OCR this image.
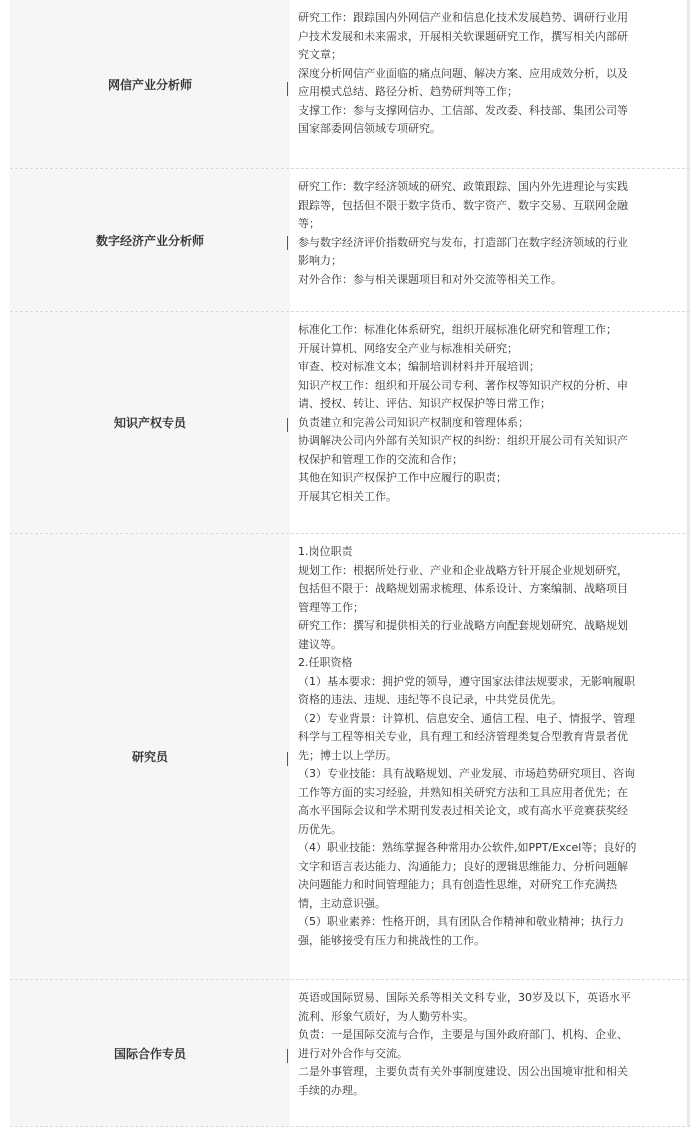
网信产业分析师
研究工作：跟踪国内外网信产业和信息化技术发展趋势、调研行业用
户技术发展和未来需求，开展相关软课题研究工作，撰写相关内部研
究文章；
深度分析网信产业面临的痛点问题、解决方案、应用成效分析，以及
应用模式总结、路径分析、趋势研判等工作；
支撑工作：参与支撑网信办、工信部、发改委、科技部、集团公司等
国家部委网信领域专项研究。
数字经济产业分析师
研究工作：数字经济领域的研究、政策跟踪、国内外先进理论与实践
跟踪等，包括但不限于数字货币、数字资产、数字交易、互联网金融
等；
参与数字经济评价指数研究与发布，打造部门在数字经济领域的行业
影响力；
对外合作：参与相关课题项目和对外交流等相关工作。
知识产权专员
标准化工作：标准化体系研究，组织开展标准化研究和管理工作；
开展计算机、网络安全产业与标准相关研究；
审查、校对标准文本；编制培训材料并开展培训；
知识产权工作：组织和开展公司专利、著作权等知识产权的分析、申
请、授权、转让、评估、知识产权保护等日常工作；
负责建立和完善公司知识产权制度和管理体系；
协调解决公司内外部有关知识产权的纠纷：组织开展公司有关知识产
权保护和管理工作的交流和合作；
其他在知识产权保护工作中应履行的职责；
开展其它相关工作。
研究员
1.岗位职责
规划工作：根据所处行业、产业和企业战略方针开展企业规划研究，
包括但不限于：战略规划需求梳理、体系设计、方案编制、战略项目
管理等工作；
研究工作：撰写和提供相关的行业战略方向配套规划研究、战略规划
建议等。
2.任职资格
（1）基本要求：拥护党的领导，遵守国家法律法规要求，无影响履职
资格的违法、违规、违纪等不良记录，中共党员优先。
（2）专业背景：计算机、信息安全、通信工程、电子、情报学、管理
科学与工程等相关专业，具有理工和经济管理类复合型教育背景者优
先；博士以上学历。
（3）专业技能：具有战略规划、产业发展、市场趋势研究项目、咨询
工作等方面的实习经验，并熟知相关研究方法和工具应用者优先；在
高水平国际会议和学术期刊发表过相关论文，或有高水平竞赛获奖经
历优先。
（4）职业技能：熟练掌握各种常用办公软件,如PPT/Excel等；良好的
文字和语言表达能力、沟通能力；良好的逻辑思维能力、分析问题解
决问题能力和时间管理能力；具有创造性思维，对研究工作充满热
情，主动意识强。
（5）职业素养：性格开朗，具有团队合作精神和敬业精神；执行力
强，能够接受有压力和挑战性的工作。
国际合作专员
英语或国际贸易、国际关系等相关文科专业，30岁及以下，英语水平
流利、形象气质好，为人勤劳朴实。
负责：一是国际交流与合作，主要是与国外政府部门、机构、企业、
进行对外合作与交流。
二是外事管理，主要负责有关外事制度建设、因公出国境审批和相关
手续的办理。
